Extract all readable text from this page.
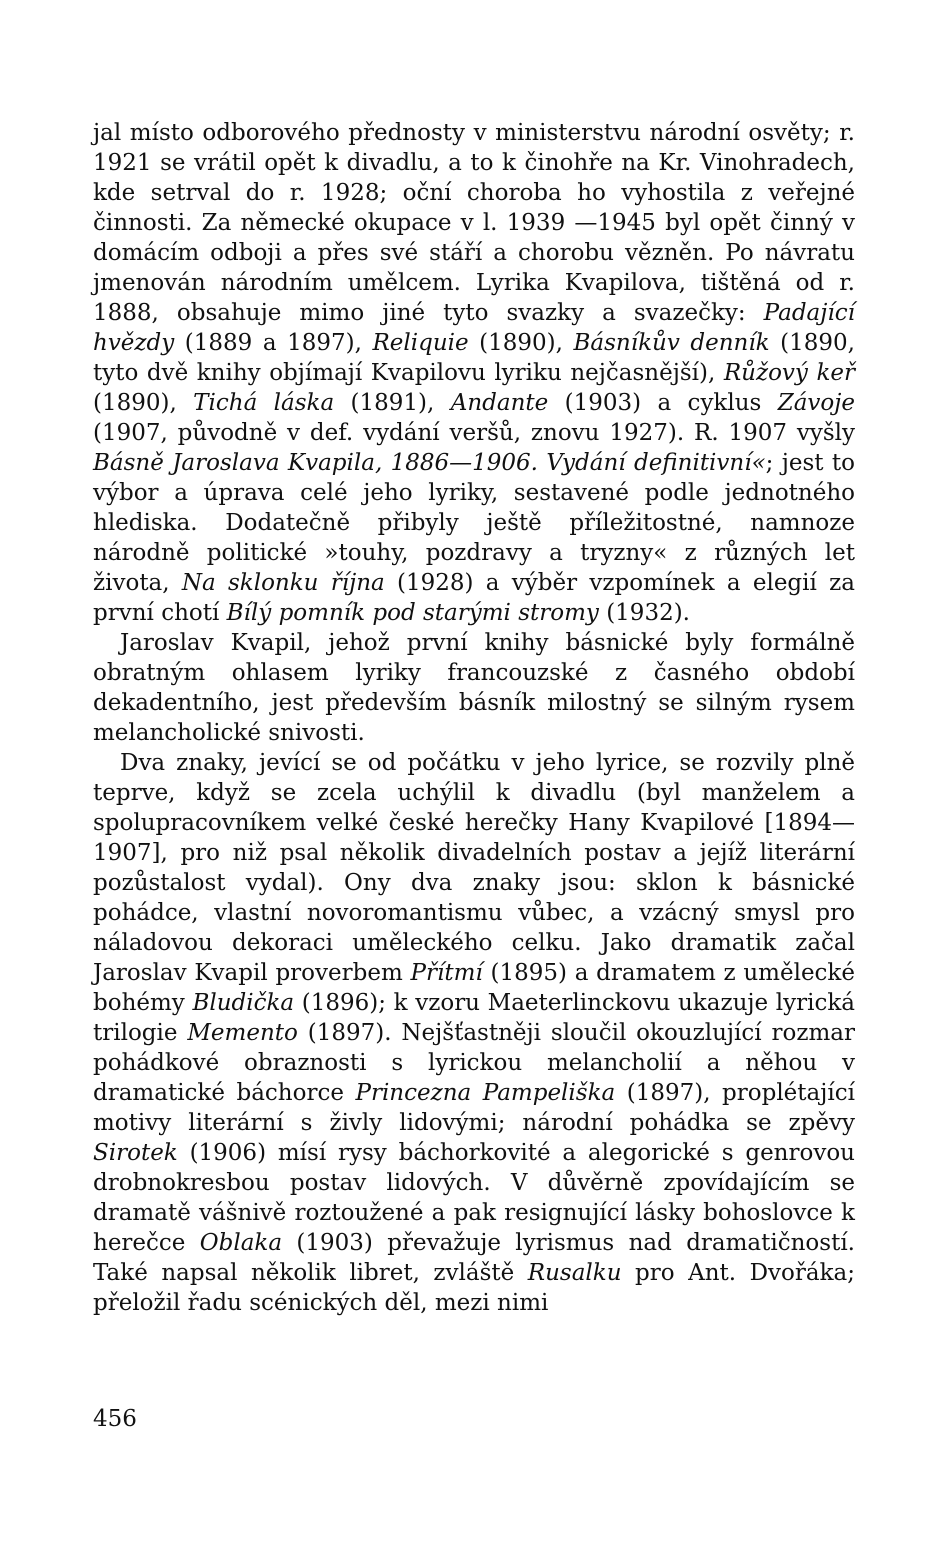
jal místo odborového přednosty v ministerstvu národní osvěty; r. 1921 se vrátil opět k divadlu, a to k činohře na Kr. Vinohradech, kde setrval do r. 1928; oční choroba ho vyhostila z veřejné činnosti. Za německé okupace v l. 1939 —1945 byl opět činný v domácím odboji a přes své stáří a chorobu vězněn. Po návratu jmenován národním umělcem. Lyrika Kvapilova, tištěná od r. 1888, obsahuje mimo jiné tyto svazky a svazečky: Padající hvězdy (1889 a 1897), Reliquie (1890), Básníkův denník (1890, tyto dvě knihy objímají Kvapilovu lyriku nejčasnější), Růžový keř (1890), Tichá láska (1891), Andante (1903) a cyklus Závoje (1907, původně v def. vydání veršů, znovu 1927). R. 1907 vyšly Básně Jaroslava Kvapila, 1886—1906. Vydání definitivní«; jest to výbor a úprava celé jeho lyriky, sestavené podle jednotného hlediska. Dodatečně přibyly ještě příležitostné, namnoze národně politické »touhy, pozdravy a tryzny« z různých let života, Na sklonku října (1928) a výběr vzpomínek a elegií za první chotí Bílý pomník pod starými stromy (1932).

Jaroslav Kvapil, jehož první knihy básnické byly formálně obratným ohlasem lyriky francouzské z časného období dekadentního, jest především básník milostný se silným rysem melancholické snivosti.

Dva znaky, jevící se od počátku v jeho lyrice, se rozvily plně teprve, když se zcela uchýlil k divadlu (byl manželem a spolupracovníkem velké české herečky Hany Kvapilové [1894—1907], pro niž psal několik divadelních postav a jejíž literární pozůstalost vydal). Ony dva znaky jsou: sklon k básnické pohádce, vlastní novoromantismu vůbec, a vzácný smysl pro náladovou dekoraci uměleckého celku. Jako dramatik začal Jaroslav Kvapil proverbem Přítmí (1895) a dramatem z umělecké bohémy Bludička (1896); k vzoru Maeterlinckovu ukazuje lyrická trilogie Memento (1897). Nejšťastněji sloučil okouzlující rozmar pohádkové obraznosti s lyrickou melancholií a něhou v dramatické báchorce Princezna Pampeliška (1897), proplétající motivy literární s živly lidovými; národní pohádka se zpěvy Sirotek (1906) mísí rysy báchorkovité a alegorické s genrovou drobnokresbou postav lidových. V důvěrně zpovídajícím se dramatě vášnivě roztoužené a pak resignující lásky bohoslovce k herečce Oblaka (1903) převažuje lyrismus nad dramatičností. Také napsal několik libret, zvláště Rusalku pro Ant. Dvořáka; přeložil řadu scénických děl, mezi nimi

456
